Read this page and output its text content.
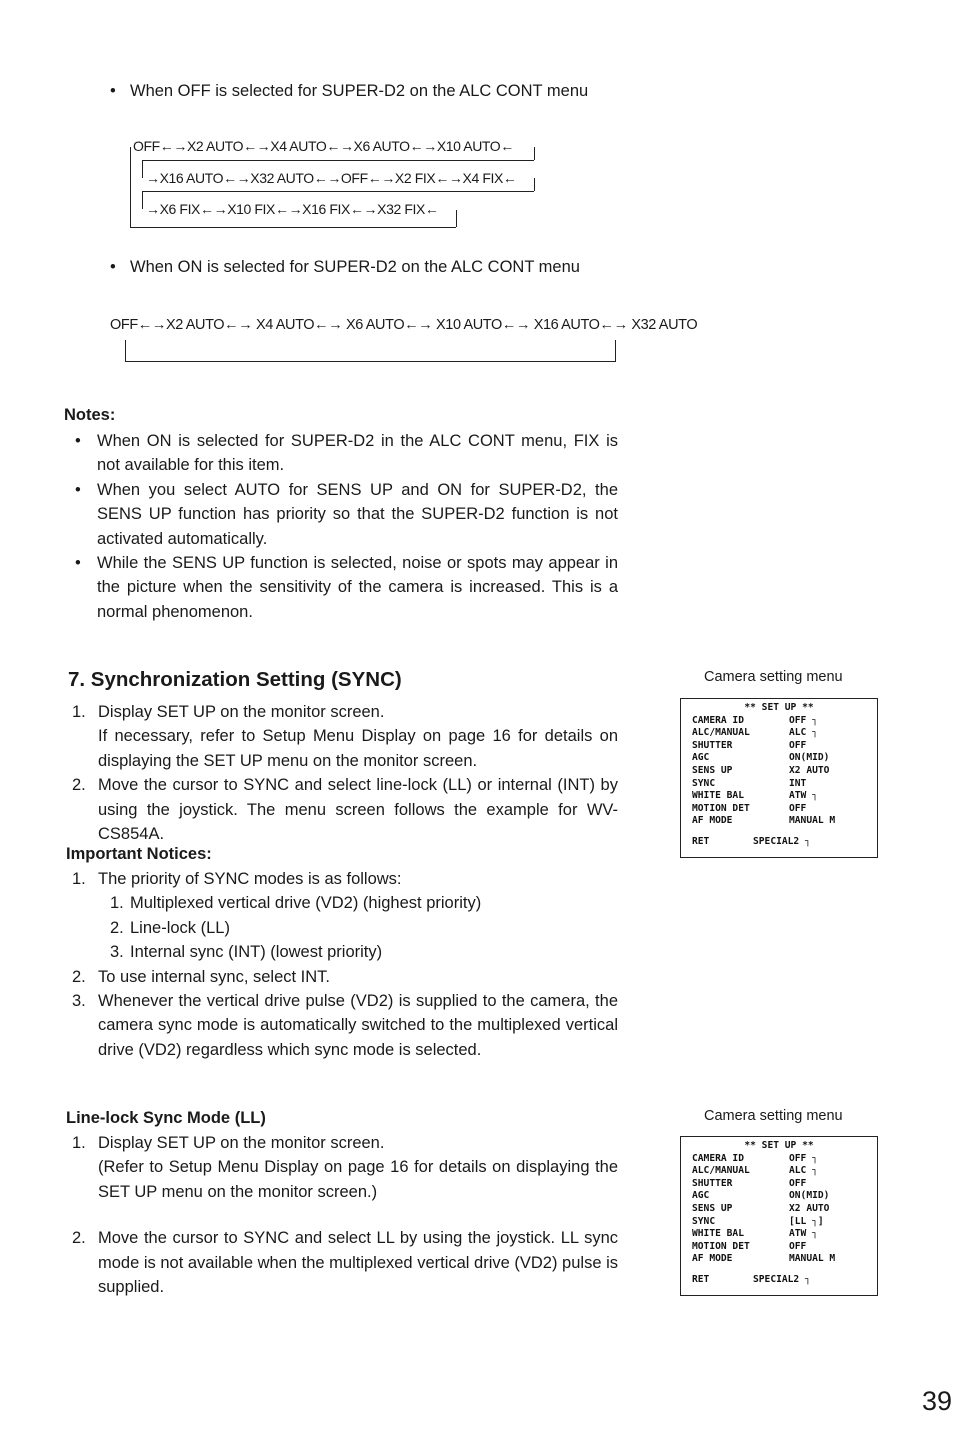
• When OFF is selected for SUPER-D2 on the ALC CONT menu
OFF←→X2 AUTO←→X4 AUTO←→X6 AUTO←→X10 AUTO←
→X16 AUTO←→X32 AUTO←→OFF←→X2 FIX←→X4 FIX←
→X6 FIX←→X10 FIX←→X16 FIX←→X32 FIX←
• When ON is selected for SUPER-D2 on the ALC CONT menu
OFF←→X2 AUTO←→ X4 AUTO←→ X6 AUTO←→ X10 AUTO←→ X16 AUTO←→ X32 AUTO
Notes:
• When ON is selected for SUPER-D2 in the ALC CONT menu, FIX is not available for this item.
• When you select AUTO for SENS UP and ON for SUPER-D2, the SENS UP function has priority so that the SUPER-D2 function is not activated automatically.
• While the SENS UP function is selected, noise or spots may appear in the picture when the sensitivity of the camera is increased. This is a normal phenomenon.
7. Synchronization Setting (SYNC)
1. Display SET UP on the monitor screen.
If necessary, refer to Setup Menu Display on page 16 for details on displaying the SET UP menu on the monitor screen.
2. Move the cursor to SYNC and select line-lock (LL) or internal (INT) by using the joystick. The menu screen follows the example for WV-CS854A.
Important Notices:
1. The priority of SYNC modes is as follows:
1. Multiplexed vertical drive (VD2) (highest priority)
2. Line-lock (LL)
3. Internal sync (INT) (lowest priority)
2. To use internal sync, select INT.
3. Whenever the vertical drive pulse (VD2) is supplied to the camera, the camera sync mode is automatically switched to the multiplexed vertical drive (VD2) regardless which sync mode is selected.
Line-lock Sync Mode (LL)
1. Display SET UP on the monitor screen.
(Refer to Setup Menu Display on page 16 for details on displaying the SET UP menu on the monitor screen.)
2. Move the cursor to SYNC and select LL by using the joystick. LL sync mode is not available when the multiplexed vertical drive (VD2) pulse is supplied.
Camera setting menu
** SET UP **
CAMERA ID	OFF ┐
ALC/MANUAL	ALC ┐
SHUTTER	OFF
AGC	ON(MID)
SENS UP	X2 AUTO
SYNC	INT
WHITE BAL	ATW ┐
MOTION DET	OFF
AF MODE	MANUAL M
RET	SPECIAL2 ┐
Camera setting menu
** SET UP **
CAMERA ID	OFF ┐
ALC/MANUAL	ALC ┐
SHUTTER	OFF
AGC	ON(MID)
SENS UP	X2 AUTO
SYNC	[LL ┐]
WHITE BAL	ATW ┐
MOTION DET	OFF
AF MODE	MANUAL M
RET	SPECIAL2 ┐
39
